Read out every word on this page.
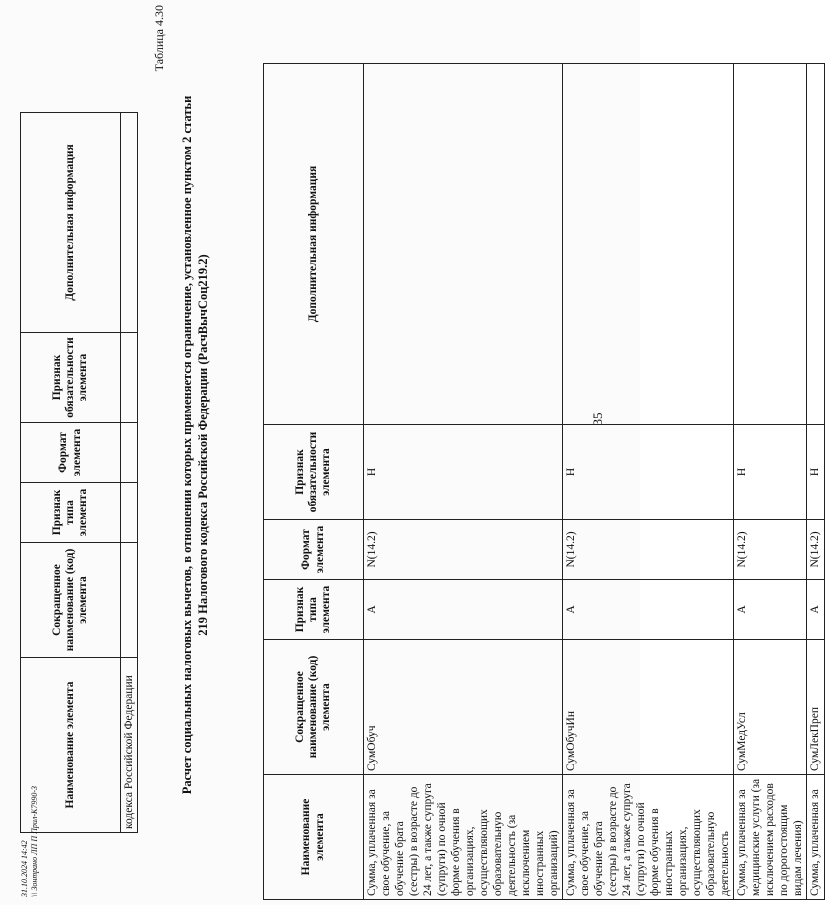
35
Наименование элемента	Сокращенное наименование (код) элемента	Признак типа элемента	Формат элемента	Признак обязательности элемента	Дополнительная информация
кодекса Российской Федерации					
Таблица 4.30
Расчет социальных налоговых вычетов, в отношении которых применяется ограничение, установленное пунктом 2 статьи 219 Налогового кодекса Российской Федерации (РасчВычСоц219.2)
Наименование элемента	Сокращенное наименование (код) элемента	Признак типа элемента	Формат элемента	Признак обязательности элемента	Дополнительная информация
Сумма, уплаченная за свое обучение, за обучение брата (сестры) в возрасте до 24 лет, а также супруга (супруги) по очной форме обучения в организациях, осуществляющих образовательную деятельность (за исключением иностранных организаций)	СумОбуч	А	N(14.2)	Н	
Сумма, уплаченная за свое обучение, за обучение брата (сестры) в возрасте до 24 лет, а также супруга (супруги) по очной форме обучения в иностранных организациях, осуществляющих образовательную деятельность	СумОбучИн	А	N(14.2)	Н	
Сумма, уплаченная за медицинские услуги (за исключением расходов по дорогостоящим видам лечения)	СумМедУсл	А	N(14.2)	Н	
Сумма, уплаченная за	СумЛекПреп	А	N(14.2)	Н	
31.10.2024 14:42 \\ Зонтрано ЛП П Прил-К7990-3
